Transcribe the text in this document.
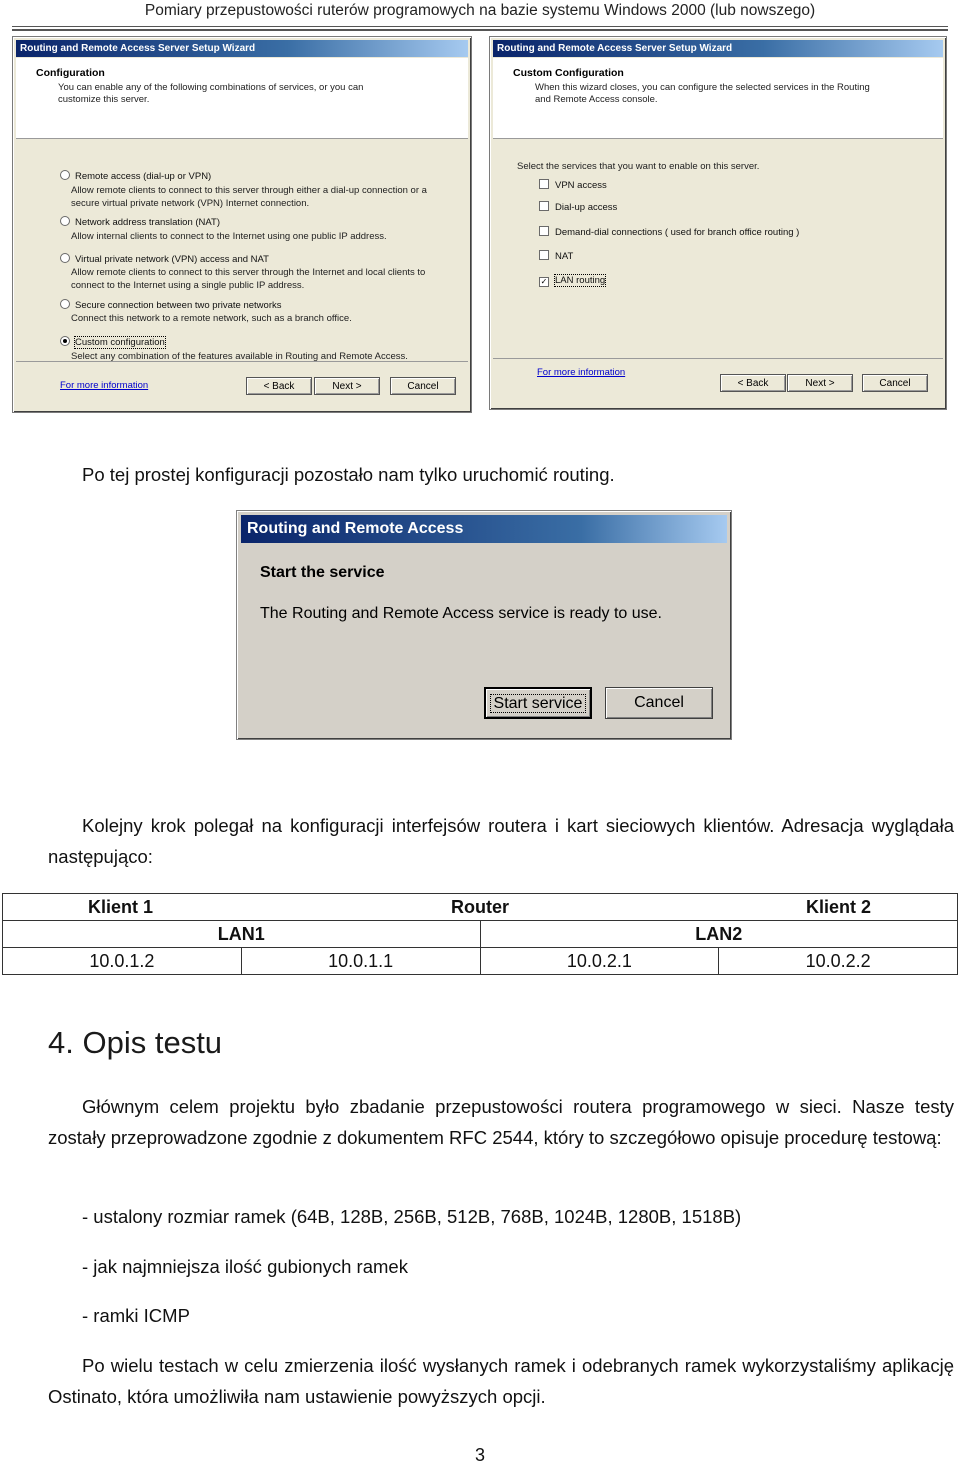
Pomiary przepustowości ruterów programowych na bazie systemu Windows 2000 (lub nowszego)
Routing and Remote Access Server Setup Wizard
Configuration
You can enable any of the following combinations of services, or you can customize this server.
Remote access (dial-up or VPN)
Allow remote clients to connect to this server through either a dial-up connection or a secure virtual private network (VPN) Internet connection.
Network address translation (NAT)
Allow internal clients to connect to the Internet using one public IP address.
Virtual private network (VPN) access and NAT
Allow remote clients to connect to this server through the Internet and local clients to connect to the Internet using a single public IP address.
Secure connection between two private networks
Connect this network to a remote network, such as a branch office.
Custom configuration
Select any combination of the features available in Routing and Remote Access.
For more information	< Back	Next >	Cancel
Routing and Remote Access Server Setup Wizard
Custom Configuration
When this wizard closes, you can configure the selected services in the Routing and Remote Access console.
Select the services that you want to enable on this server.
VPN access
Dial-up access
Demand-dial connections ( used for branch office routing )
NAT
✓ LAN routing
For more information
< Back	Next >	Cancel
Po tej prostej konfiguracji pozostało nam tylko uruchomić routing.
Routing and Remote Access
Start the service
The Routing and Remote Access service is ready to use.
Start service	Cancel
Kolejny krok polegał na konfiguracji interfejsów routera i kart sieciowych klientów. Adresacja wyglądała następująco:
Klient 1 Router Klient 2			

LAN1		LAN2	
10.0.1.2	10.0.1.1	10.0.2.1	10.0.2.2
4. Opis testu
Głównym celem projektu było zbadanie przepustowości routera programowego w sieci. Nasze testy zostały przeprowadzone zgodnie z dokumentem RFC 2544, który to szczegółowo opisuje procedurę testową:
- ustalony rozmiar ramek (64B, 128B, 256B, 512B, 768B, 1024B, 1280B, 1518B)
- jak najmniejsza ilość gubionych ramek
- ramki ICMP
Po wielu testach w celu zmierzenia ilość wysłanych ramek i odebranych ramek wykorzystaliśmy aplikację Ostinato, która umożliwiła nam ustawienie powyższych opcji.
3
